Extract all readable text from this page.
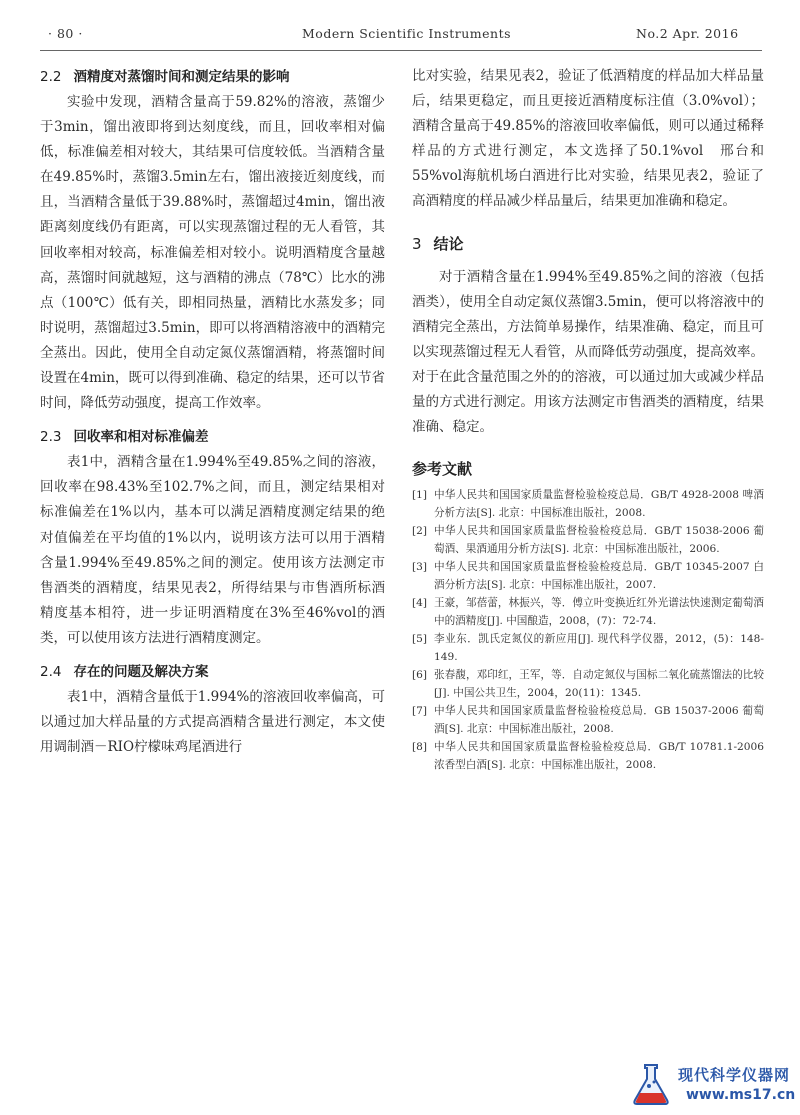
· 80 ·	Modern Scientific Instruments	No.2 Apr. 2016
2.2 酒精度对蒸馏时间和测定结果的影响

实验中发现，酒精含量高于59.82%的溶液，蒸馏少于3min，馏出液即将到达刻度线，而且，回收率相对偏低，标准偏差相对较大，其结果可信度较低。当酒精含量在49.85%时，蒸馏3.5min左右，馏出液接近刻度线，而且，当酒精含量低于39.88%时，蒸馏超过4min，馏出液距离刻度线仍有距离，可以实现蒸馏过程的无人看管，其回收率相对较高，标准偏差相对较小。说明酒精度含量越高，蒸馏时间就越短，这与酒精的沸点（78℃）比水的沸点（100℃）低有关，即相同热量，酒精比水蒸发多；同时说明，蒸馏超过3.5min，即可以将酒精溶液中的酒精完全蒸出。因此，使用全自动定氮仪蒸馏酒精，将蒸馏时间设置在4min，既可以得到准确、稳定的结果，还可以节省时间，降低劳动强度，提高工作效率。

2.3 回收率和相对标准偏差

表1中，酒精含量在1.994%至49.85%之间的溶液，回收率在98.43%至102.7%之间，而且，测定结果相对标准偏差在1%以内，基本可以满足酒精度测定结果的绝对值偏差在平均值的1%以内，说明该方法可以用于酒精含量1.994%至49.85%之间的测定。使用该方法测定市售酒类的酒精度，结果见表2，所得结果与市售酒所标酒精度基本相符，进一步证明酒精度在3%至46%vol的酒类，可以使用该方法进行酒精度测定。

2.4 存在的问题及解决方案

表1中，酒精含量低于1.994%的溶液回收率偏高，可以通过加大样品量的方式提高酒精含量进行测定，本文使用调制酒－RIO柠檬味鸡尾酒进行

比对实验，结果见表2，验证了低酒精度的样品加大样品量后，结果更稳定，而且更接近酒精度标注值（3.0%vol）；酒精含量高于49.85%的溶液回收率偏低，则可以通过稀释样品的方式进行测定，本文选择了50.1%vol　邢台和55%vol海航机场白酒进行比对实验，结果见表2，验证了高酒精度的样品减少样品量后，结果更加准确和稳定。

3 结论

对于酒精含量在1.994%至49.85%之间的溶液（包括酒类），使用全自动定氮仪蒸馏3.5min，便可以将溶液中的酒精完全蒸出，方法简单易操作，结果准确、稳定，而且可以实现蒸馏过程无人看管，从而降低劳动强度，提高效率。对于在此含量范围之外的的溶液，可以通过加大或减少样品量的方式进行测定。用该方法测定市售酒类的酒精度，结果准确、稳定。

参考文献
[1] 中华人民共和国国家质量监督检验检疫总局．GB/T 4928-2008 啤酒分析方法[S]. 北京：中国标准出版社，2008.
[2] 中华人民共和国国家质量监督检验检疫总局．GB/T 15038-2006 葡萄酒、果酒通用分析方法[S]. 北京：中国标准出版社，2006.
[3] 中华人民共和国国家质量监督检验检疫总局．GB/T 10345-2007 白酒分析方法[S]. 北京：中国标准出版社，2007.
[4] 王豪，邹蓓蕾，林振兴，等．傅立叶变换近红外光谱法快速测定葡萄酒中的酒精度[J]. 中国酿造，2008，(7)：72-74.
[5] 李业东．凯氏定氮仪的新应用[J]. 现代科学仪器，2012，(5)：148-149.
[6] 张春馥，邓印红，王军，等．自动定氮仪与国标二氧化硫蒸馏法的比较[J]. 中国公共卫生，2004，20(11)：1345.
[7] 中华人民共和国国家质量监督检验检疫总局．GB 15037-2006 葡萄酒[S]. 北京：中国标准出版社，2008.
[8] 中华人民共和国国家质量监督检验检疫总局．GB/T 10781.1-2006 浓香型白酒[S]. 北京：中国标准出版社，2008.
现代科学仪器网
www.ms17.cn
